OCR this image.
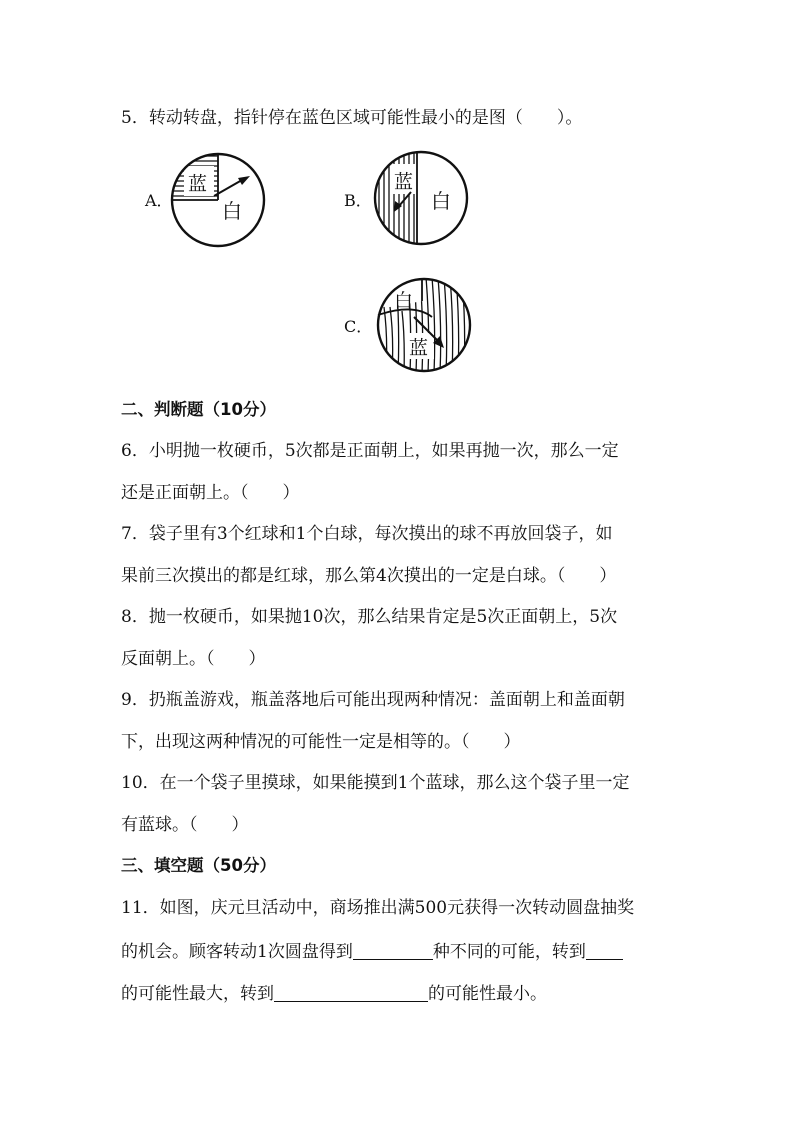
5．转动转盘，指针停在蓝色区域可能性最小的是图（　　）。
A．
蓝
白	B．
蓝
白
C．
白
蓝
二、判断题（10分）
6．小明抛一枚硬币，5次都是正面朝上，如果再抛一次，那么一定
还是正面朝上。（　　）
7．袋子里有3个红球和1个白球，每次摸出的球不再放回袋子，如
果前三次摸出的都是红球，那么第4次摸出的一定是白球。（　　）
8．抛一枚硬币，如果抛10次，那么结果肯定是5次正面朝上，5次
反面朝上。（　　）
9．扔瓶盖游戏，瓶盖落地后可能出现两种情况：盖面朝上和盖面朝
下，出现这两种情况的可能性一定是相等的。（　　）
10．在一个袋子里摸球，如果能摸到1个蓝球，那么这个袋子里一定
有蓝球。（　　）
三、填空题（50分）
11．如图，庆元旦活动中，商场推出满500元获得一次转动圆盘抽奖
的机会。顾客转动1次圆盘得到	种不同的可能，转到
的可能性最大，转到	的可能性最小。
